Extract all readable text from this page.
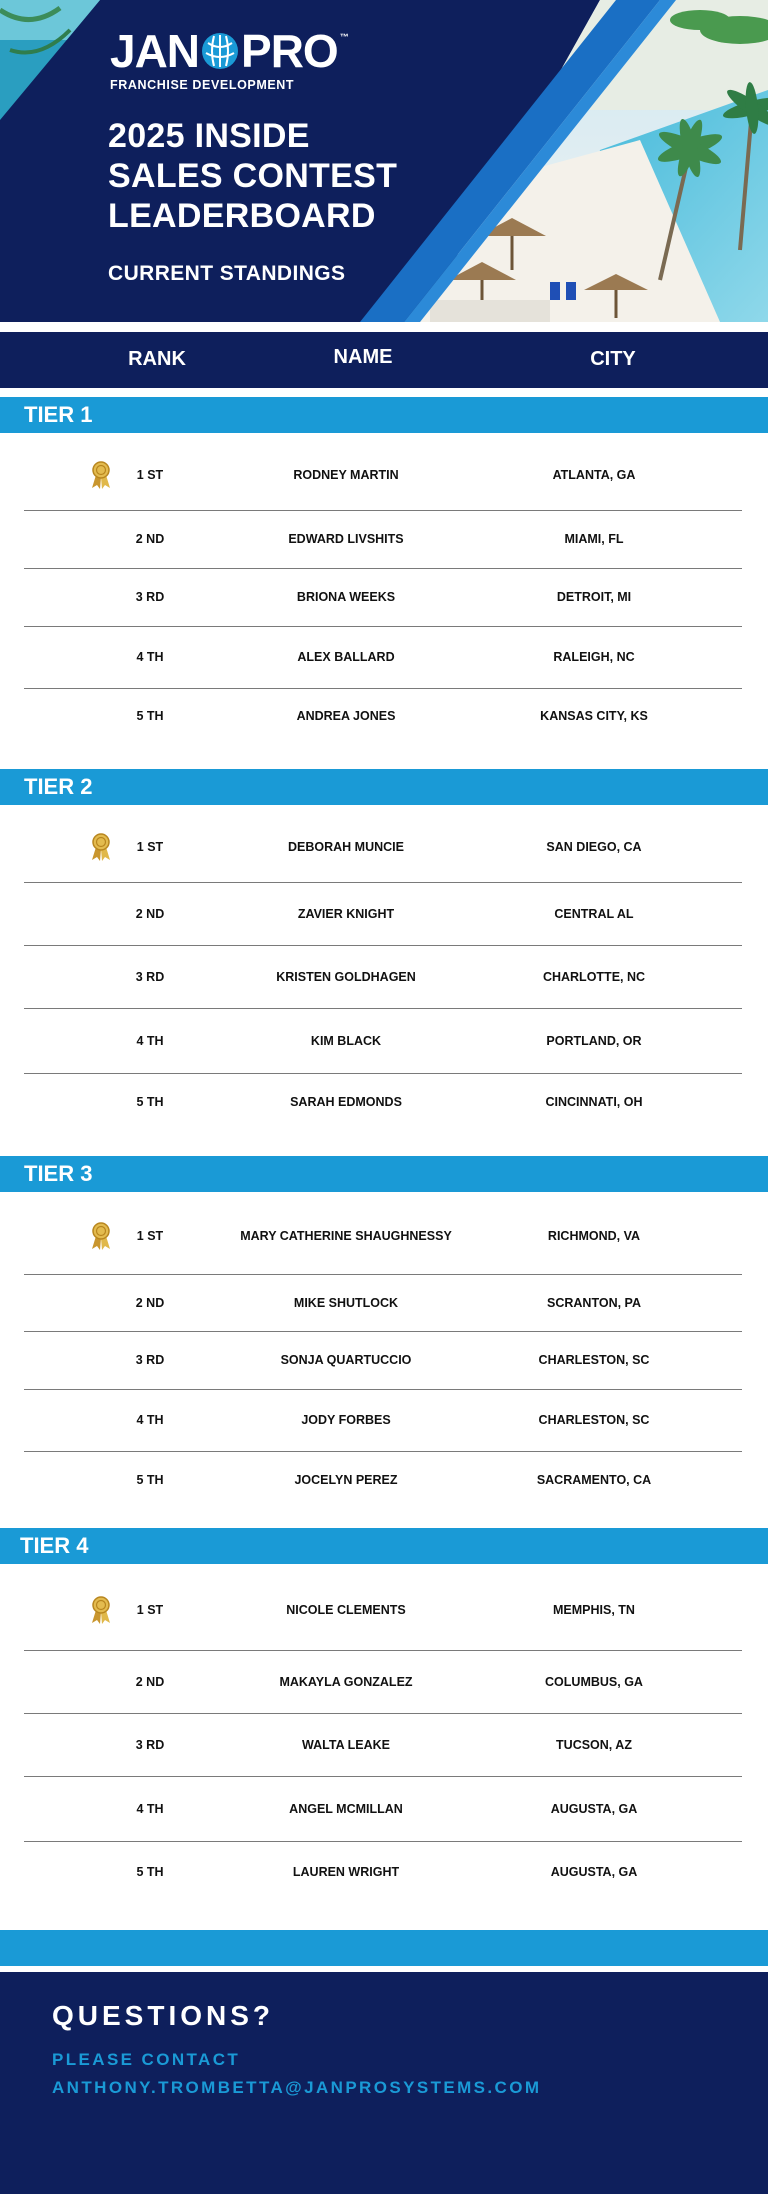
JAN PRO ™
FRANCHISE DEVELOPMENT
2025 INSIDE
SALES CONTEST
LEADERBOARD
CURRENT STANDINGS
RANK	NAME	CITY
TIER 1
1 ST	RODNEY MARTIN	ATLANTA, GA
2 ND	EDWARD LIVSHITS	MIAMI, FL
3 RD	BRIONA WEEKS	DETROIT, MI
4 TH	ALEX BALLARD	RALEIGH, NC
5 TH	ANDREA JONES	KANSAS CITY, KS
TIER 2
1 ST	DEBORAH MUNCIE	SAN DIEGO, CA
2 ND	ZAVIER KNIGHT	CENTRAL AL
3 RD	KRISTEN GOLDHAGEN	CHARLOTTE, NC
4 TH	KIM BLACK	PORTLAND, OR
5 TH	SARAH EDMONDS	CINCINNATI, OH
TIER 3
1 ST	MARY CATHERINE SHAUGHNESSY	RICHMOND, VA
2 ND	MIKE SHUTLOCK	SCRANTON, PA
3 RD	SONJA QUARTUCCIO	CHARLESTON, SC
4 TH	JODY FORBES	CHARLESTON, SC
5 TH	JOCELYN PEREZ	SACRAMENTO, CA
TIER 4
1 ST	NICOLE CLEMENTS	MEMPHIS, TN
2 ND	MAKAYLA GONZALEZ	COLUMBUS, GA
3 RD	WALTA LEAKE	TUCSON, AZ
4 TH	ANGEL MCMILLAN	AUGUSTA, GA
5 TH	LAUREN WRIGHT	AUGUSTA, GA
QUESTIONS?
PLEASE CONTACT
ANTHONY.TROMBETTA@JANPROSYSTEMS.COM
